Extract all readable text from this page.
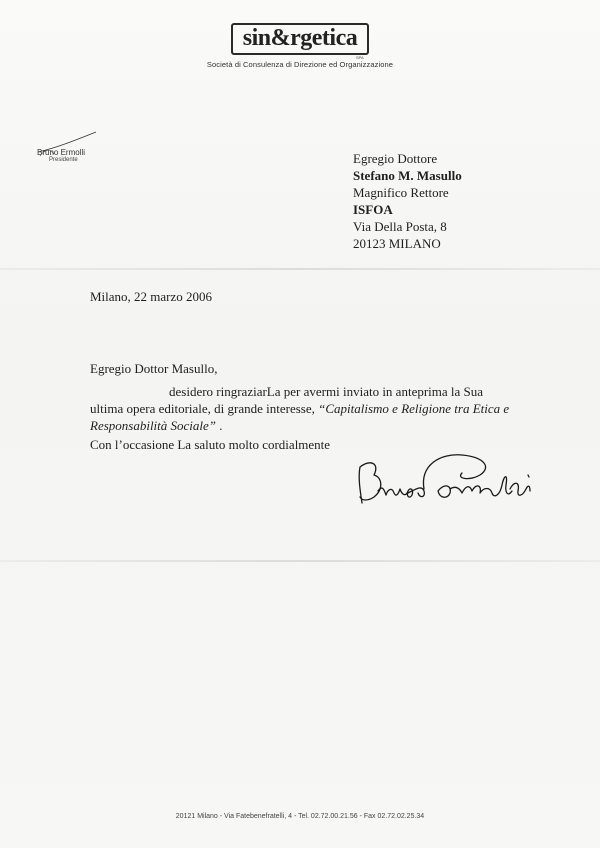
sin&rgetica
SPA
Società di Consulenza di Direzione ed Organizzazione
Bruno Ermolli
Presidente	Egregio Dottore
Stefano M. Masullo
Magnifico Rettore
ISFOA
Via Della Posta, 8
20123 MILANO
Milano, 22 marzo 2006
Egregio Dottor Masullo,
desidero ringraziarLa per avermi inviato in anteprima la Sua
ultima opera editoriale, di grande interesse, “Capitalismo e Religione tra Etica e
Responsabilità Sociale” .
Con l’occasione La saluto molto cordialmente
20121 Milano - Via Fatebenefratelli, 4 - Tel. 02.72.00.21.56 - Fax 02.72.02.25.34
